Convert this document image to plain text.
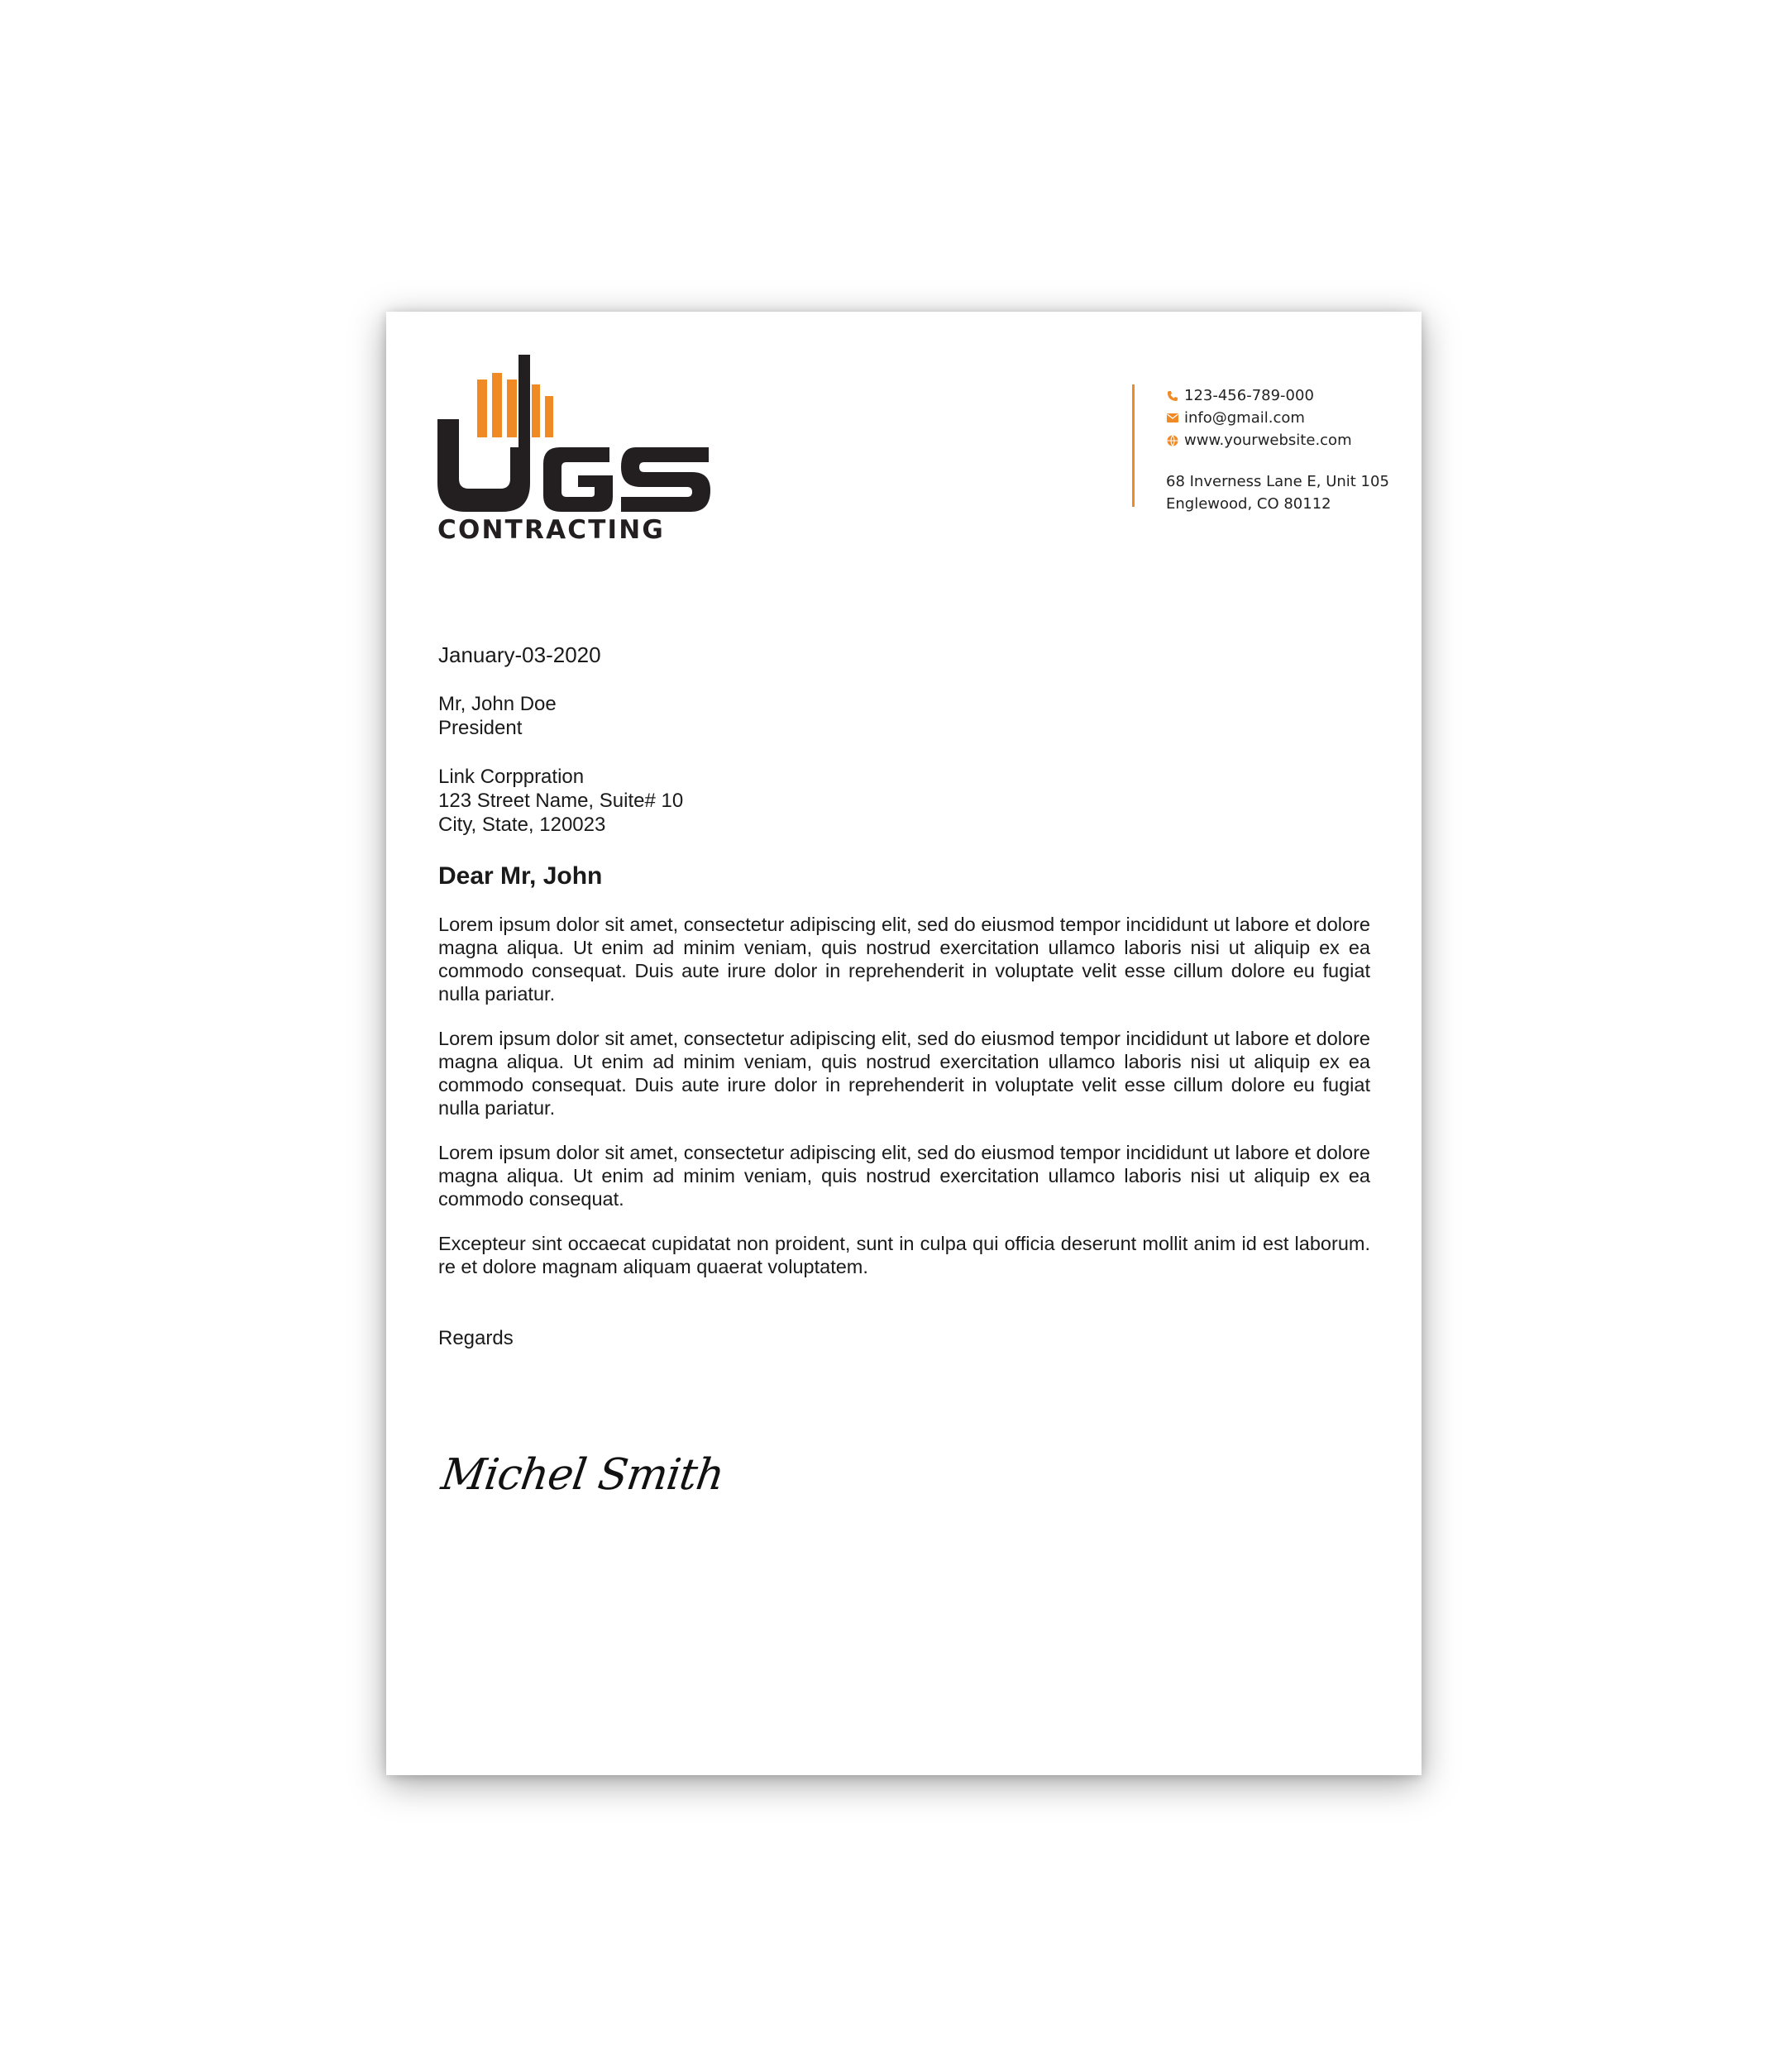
CONTRACTING
123-456-789-000
info@gmail.com
www.yourwebsite.com
68 Inverness Lane E, Unit 105
Englewood, CO 80112
January-03-2020
Mr, John Doe
President
Link Corppration
123 Street Name, Suite# 10
City, State, 120023
Dear Mr, John
Lorem ipsum dolor sit amet, consectetur adipiscing elit, sed do eiusmod tempor incididunt ut labore et dolore magna aliqua. Ut enim ad minim veniam, quis nostrud exercitation ullamco laboris nisi ut aliquip ex ea commodo consequat. Duis aute irure dolor in reprehenderit in voluptate velit esse cillum dolore eu fugiat nulla pariatur.
Lorem ipsum dolor sit amet, consectetur adipiscing elit, sed do eiusmod tempor incididunt ut labore et dolore magna aliqua. Ut enim ad minim veniam, quis nostrud exercitation ullamco laboris nisi ut aliquip ex ea commodo consequat. Duis aute irure dolor in reprehenderit in voluptate velit esse cillum dolore eu fugiat nulla pariatur.
Lorem ipsum dolor sit amet, consectetur adipiscing elit, sed do eiusmod tempor incididunt ut labore et dolore magna aliqua. Ut enim ad minim veniam, quis nostrud exercitation ullamco laboris nisi ut aliquip ex ea commodo consequat.
Excepteur sint occaecat cupidatat non proident, sunt in culpa qui officia deserunt mollit anim id est laborum. re et dolore magnam aliquam quaerat voluptatem.
Regards
Michel Smith
